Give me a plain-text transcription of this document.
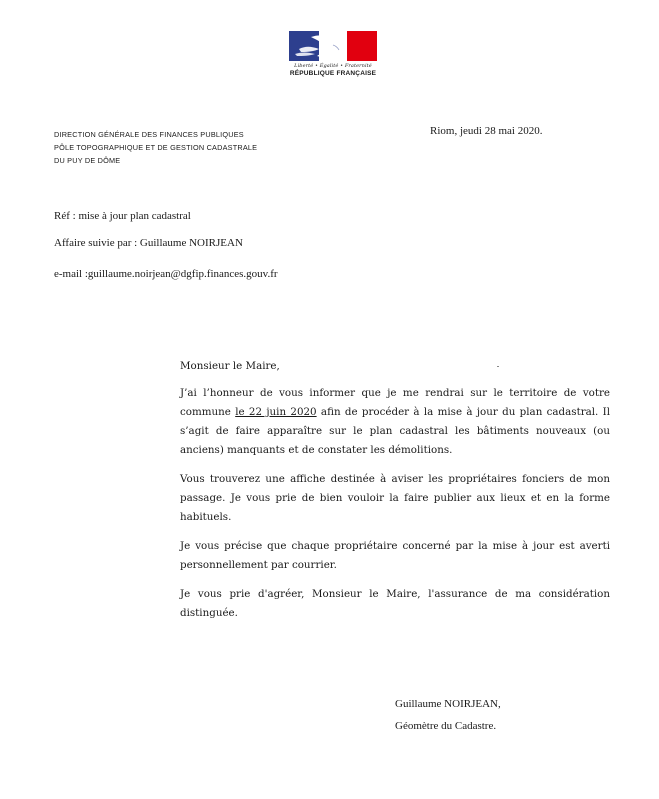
Liberté • Égalité • Fraternité
RÉPUBLIQUE FRANÇAISE
DIRECTION GÉNÉRALE DES FINANCES PUBLIQUES
PÔLE TOPOGRAPHIQUE ET DE GESTION CADASTRALE
DU PUY DE DÔME
Riom, jeudi 28 mai 2020.
Réf : mise à jour plan cadastral
Affaire suivie par : Guillaume NOIRJEAN
e-mail :guillaume.noirjean@dgfip.finances.gouv.fr

Monsieur le Maire,

J’ai l’honneur de vous informer que je me rendrai sur le territoire de votre commune le 22 juin 2020 afin de procéder à la mise à jour du plan cadastral. Il s’agit de faire apparaître sur le plan cadastral les bâtiments nouveaux (ou anciens) manquants et de constater les démolitions.

Vous trouverez une affiche destinée à aviser les propriétaires fonciers de mon passage. Je vous prie de bien vouloir la faire publier aux lieux et en la forme habituels.

Je vous précise que chaque propriétaire concerné par la mise à jour est averti personnellement par courrier.

Je vous prie d'agréer, Monsieur le Maire, l'assurance de ma considération distinguée.

Guillaume NOIRJEAN,
Géomètre du Cadastre.
